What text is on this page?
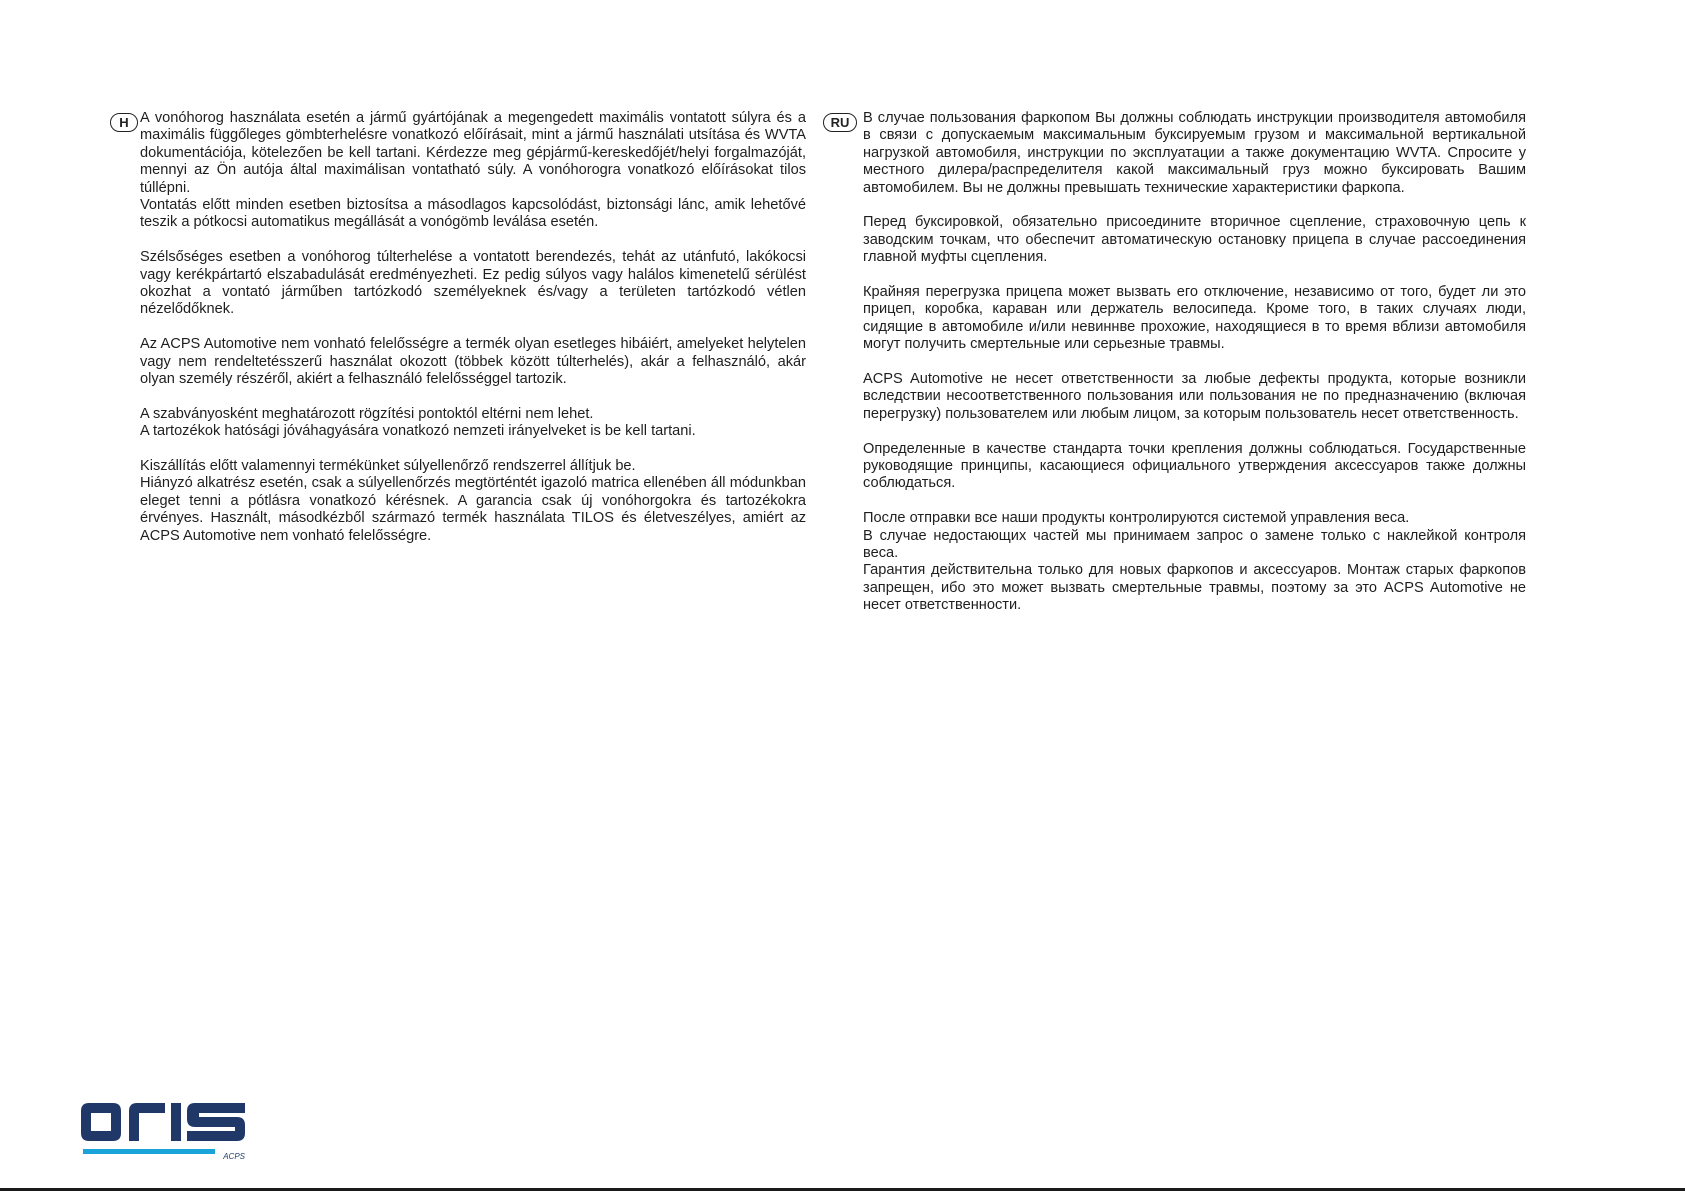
H A vonóhorog használata esetén a jármű gyártójának a megengedett maximális vontatott súlyra és a maximális függőleges gömbterhelésre vonatkozó előírásait, mint a jármű használati utsítása és WVTA dokumentációja, kötelezően be kell tartani. Kérdezze meg gépjármű-kereskedőjét/helyi forgalmazóját, mennyi az Ön autója által maximálisan vontatható súly. A vonóhorogra vonatkozó előírásokat tilos túllépni.
Vontatás előtt minden esetben biztosítsa a másodlagos kapcsolódást, biztonsági lánc, amik lehetővé teszik a pótkocsi automatikus megállását a vonógömb leválása esetén.

Szélsőséges esetben a vonóhorog túlterhelése a vontatott berendezés, tehát az utánfutó, lakókocsi vagy kerékpártartó elszabadulását eredményezheti. Ez pedig súlyos vagy halálos kimenetelű sérülést okozhat a vontató járműben tartózkodó személyeknek és/vagy a területen tartózkodó vétlen nézelődőknek.

Az ACPS Automotive nem vonható felelősségre a termék olyan esetleges hibáiért, amelyeket helytelen vagy nem rendeltetésszerű használat okozott (többek között túlterhelés), akár a felhasználó, akár olyan személy részéről, akiért a felhasználó felelősséggel tartozik.

A szabványosként meghatározott rögzítési pontoktól eltérni nem lehet.
A tartozékok hatósági jóváhagyására vonatkozó nemzeti irányelveket is be kell tartani.

Kiszállítás előtt valamennyi termékünket súlyellenőrző rendszerrel állítjuk be.
Hiányzó alkatrész esetén, csak a súlyellenőrzés megtörténtét igazoló matrica ellenében áll módunkban eleget tenni a pótlásra vonatkozó kérésnek. A garancia csak új vonóhorgokra és tartozékokra érvényes. Használt, másodkézből származó termék használata TILOS és életveszélyes, amiért az ACPS Automotive nem vonható felelősségre.

RU В случае пользования фаркопом Вы должны соблюдать инструкции производителя автомобиля в связи с допускаемым максимальным буксируемым грузом и максимальной вертикальной нагрузкой автомобиля, инструкции по эксплуатации а также документацию WVTA. Спросите у местного дилера/распределителя какой максимальный груз можно буксировать Вашим автомобилем. Вы не должны превышать технические характеристики фаркопа.

Перед буксировкой, обязательно присоедините вторичное сцепление, страховочную цепь к заводским точкам, что обеспечит автоматическую остановку прицепа в случае рассоединения главной муфты сцепления.

Крайняя перегрузка прицепа может вызвать его отключение, независимо от того, будет ли это прицеп, коробка, караван или держатель велосипеда. Кроме того, в таких случаях люди, сидящие в автомобиле и/или невиннве прохожие, находящиеся в то время вблизи автомобиля могут получить смертельные или серьезные травмы.

ACPS Automotive не несет ответственности за любые дефекты продукта, которые возникли вследствии несоответственного пользования или пользования не по предназначению (включая перегрузку) пользователем или любым лицом, за которым пользователь несет ответственность.

Определенные в качестве стандарта точки крепления должны соблюдаться. Государственные руководящие принципы, касающиеся официального утверждения аксессуаров также должны соблюдаться.

После отправки все наши продукты контролируются системой управления веса.
В случае недостающих частей мы принимаем запрос о замене только с наклейкой контроля веса.
Гарантия действительна только для новых фаркопов и аксессуаров. Монтаж старых фаркопов запрещен, ибо это может вызвать смертельные травмы, поэтому за это ACPS Automotive не несет ответственности.

ACPS
